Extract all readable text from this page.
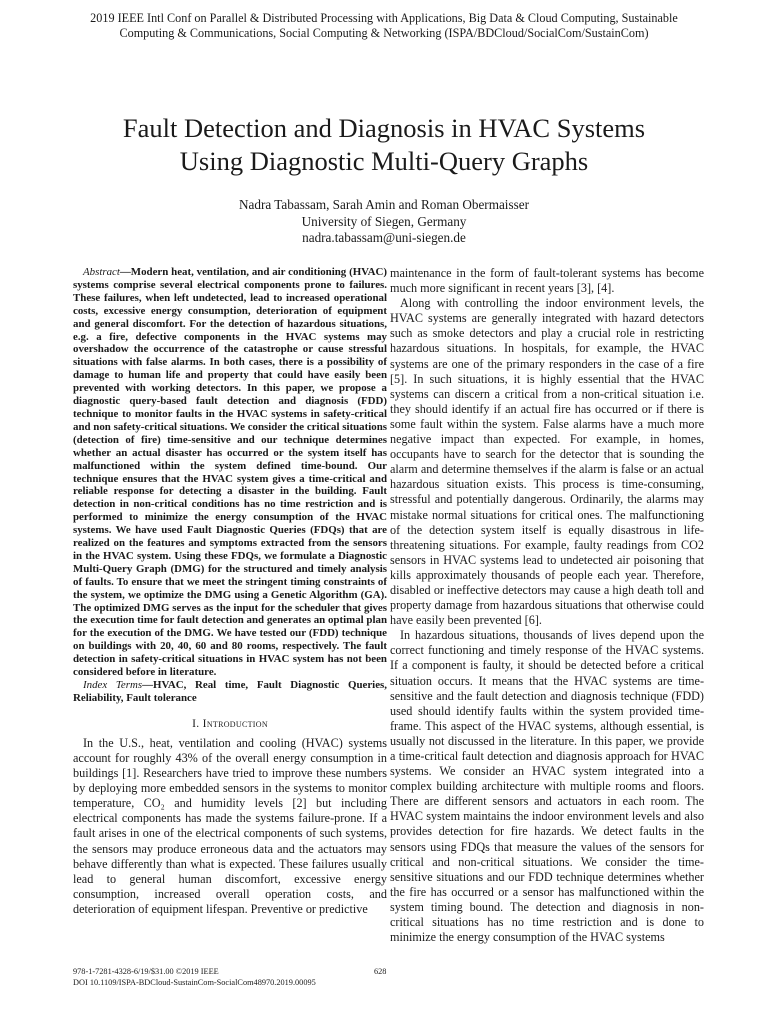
2019 IEEE Intl Conf on Parallel & Distributed Processing with Applications, Big Data & Cloud Computing, Sustainable
Computing & Communications, Social Computing & Networking (ISPA/BDCloud/SocialCom/SustainCom)
Fault Detection and Diagnosis in HVAC Systems
Using Diagnostic Multi-Query Graphs
Nadra Tabassam, Sarah Amin and Roman Obermaisser
University of Siegen, Germany
nadra.tabassam@uni-siegen.de

Abstract—Modern heat, ventilation, and air conditioning (HVAC) systems comprise several electrical components prone to failures. These failures, when left undetected, lead to increased operational costs, excessive energy consumption, deterioration of equipment and general discomfort. For the detection of hazardous situations, e.g. a fire, defective components in the HVAC systems may overshadow the occurrence of the catastrophe or cause stressful situations with false alarms. In both cases, there is a possibility of damage to human life and property that could have easily been prevented with working detectors. In this paper, we propose a diagnostic query-based fault detection and diagnosis (FDD) technique to monitor faults in the HVAC systems in safety-critical and non safety-critical situations. We consider the critical situations (detection of fire) time-sensitive and our technique determines whether an actual disaster has occurred or the system itself has malfunctioned within the system defined time-bound. Our technique ensures that the HVAC system gives a time-critical and reliable response for detecting a disaster in the building. Fault detection in non-critical conditions has no time restriction and is performed to minimize the energy consumption of the HVAC systems. We have used Fault Diagnostic Queries (FDQs) that are realized on the features and symptoms extracted from the sensors in the HVAC system. Using these FDQs, we formulate a Diagnostic Multi-Query Graph (DMG) for the structured and timely analysis of faults. To ensure that we meet the stringent timing constraints of the system, we optimize the DMG using a Genetic Algorithm (GA). The optimized DMG serves as the input for the scheduler that gives the execution time for fault detection and generates an optimal plan for the execution of the DMG. We have tested our (FDD) technique on buildings with 20, 40, 60 and 80 rooms, respectively. The fault detection in safety-critical situations in HVAC system has not been considered before in literature.

Index Terms—HVAC, Real time, Fault Diagnostic Queries, Reliability, Fault tolerance

I. Introduction

In the U.S., heat, ventilation and cooling (HVAC) systems account for roughly 43% of the overall energy consumption in buildings [1]. Researchers have tried to improve these numbers by deploying more embedded sensors in the systems to monitor temperature, CO₂ and humidity levels [2] but including electrical components has made the systems failure-prone. If a fault arises in one of the electrical components of such systems, the sensors may produce erroneous data and the actuators may behave differently than what is expected. These failures usually lead to general human discomfort, excessive energy consumption, increased overall operation costs, and deterioration of equipment lifespan. Preventive or predictive

maintenance in the form of fault-tolerant systems has become much more significant in recent years [3], [4].

Along with controlling the indoor environment levels, the HVAC systems are generally integrated with hazard detectors such as smoke detectors and play a crucial role in restricting hazardous situations. In hospitals, for example, the HVAC systems are one of the primary responders in the case of a fire [5]. In such situations, it is highly essential that the HVAC systems can discern a critical from a non-critical situation i.e. they should identify if an actual fire has occurred or if there is some fault within the system. False alarms have a much more negative impact than expected. For example, in homes, occupants have to search for the detector that is sounding the alarm and determine themselves if the alarm is false or an actual hazardous situation exists. This process is time-consuming, stressful and potentially dangerous. Ordinarily, the alarms may mistake normal situations for critical ones. The malfunctioning of the detection system itself is equally disastrous in life-threatening situations. For example, faulty readings from CO2 sensors in HVAC systems lead to undetected air poisoning that kills approximately thousands of people each year. Therefore, disabled or ineffective detectors may cause a high death toll and property damage from hazardous situations that otherwise could have easily been prevented [6].

In hazardous situations, thousands of lives depend upon the correct functioning and timely response of the HVAC systems. If a component is faulty, it should be detected before a critical situation occurs. It means that the HVAC systems are time-sensitive and the fault detection and diagnosis technique (FDD) used should identify faults within the system provided time-frame. This aspect of the HVAC systems, although essential, is usually not discussed in the literature. In this paper, we provide a time-critical fault detection and diagnosis approach for HVAC systems. We consider an HVAC system integrated into a complex building architecture with multiple rooms and floors. There are different sensors and actuators in each room. The HVAC system maintains the indoor environment levels and also provides detection for fire hazards. We detect faults in the sensors using FDQs that measure the values of the sensors for critical and non-critical situations. We consider the time-sensitive situations and our FDD technique determines whether the fire has occurred or a sensor has malfunctioned within the system timing bound. The detection and diagnosis in non-critical situations has no time restriction and is done to minimize the energy consumption of the HVAC systems

978-1-7281-4328-6/19/$31.00 ©2019 IEEE
DOI 10.1109/ISPA-BDCloud-SustainCom-SocialCom48970.2019.00095
628
